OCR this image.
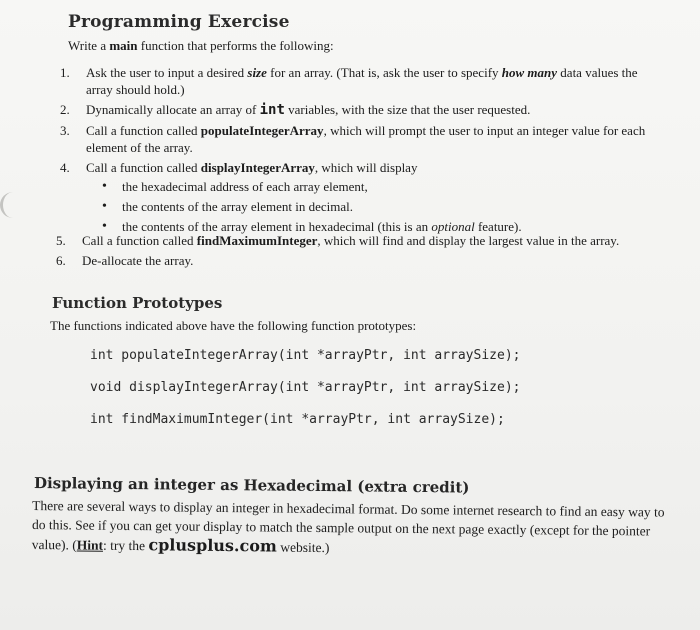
Programming Exercise
Write a main function that performs the following:
1. Ask the user to input a desired size for an array. (That is, ask the user to specify how many data values the array should hold.)
2. Dynamically allocate an array of int variables, with the size that the user requested.
3. Call a function called populateIntegerArray, which will prompt the user to input an integer value for each element of the array.
4. Call a function called displayIntegerArray, which will display
• the hexadecimal address of each array element,
• the contents of the array element in decimal.
• the contents of the array element in hexadecimal (this is an optional feature).
5. Call a function called findMaximumInteger, which will find and display the largest value in the array.
6. De-allocate the array.
Function Prototypes
The functions indicated above have the following function prototypes:
int populateIntegerArray(int *arrayPtr, int arraySize);
void displayIntegerArray(int *arrayPtr, int arraySize);
int findMaximumInteger(int *arrayPtr, int arraySize);
Displaying an integer as Hexadecimal (extra credit)
There are several ways to display an integer in hexadecimal format. Do some internet research to find an easy way to do this. See if you can get your display to match the sample output on the next page exactly (except for the pointer value). (Hint: try the cplusplus.com website.)
